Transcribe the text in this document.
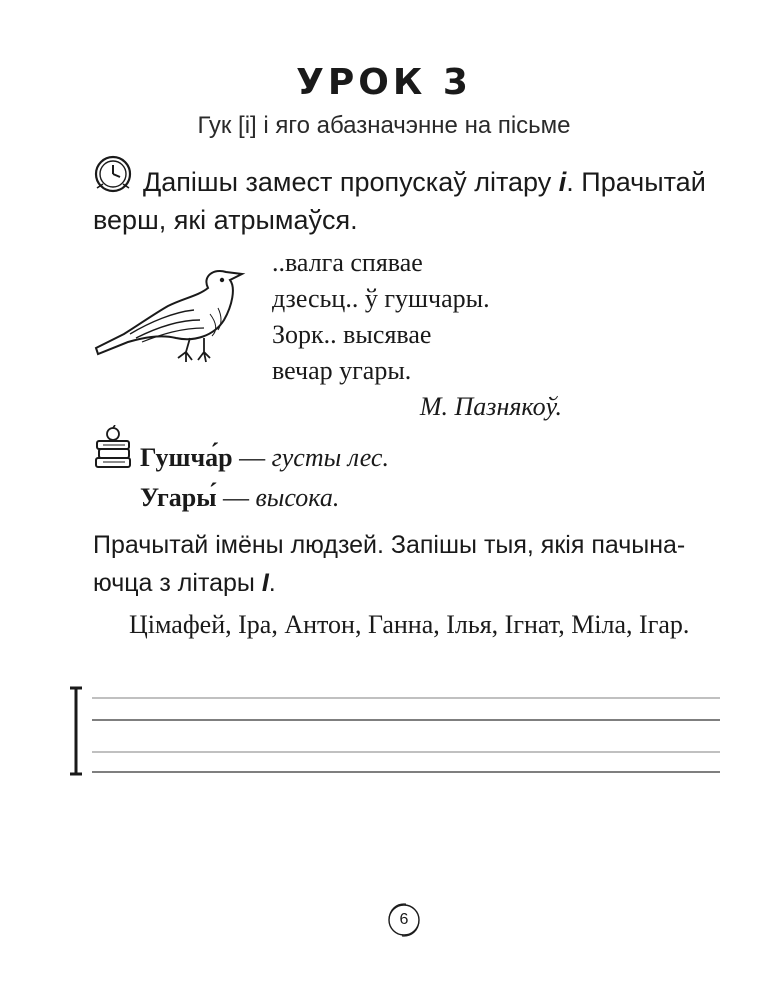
УРОК 3
Гук [і] і яго абазначэнне на пісьме
Дапішы замест пропускаў літару і. Прачытай верш, які атрымаўся.
..валга спявае
дзесьц.. ў гушчары.
Зорк.. высявае
вечар угары.
М. Пазнякоў.
Гушча́р — густы лес.
Угары́ — высока.
Прачытай імёны людзей. Запішы тыя, якія пачына-ючца з літары І.
Цімафей, Іра, Антон, Ганна, Ілья, Ігнат, Міла, Ігар.
6
